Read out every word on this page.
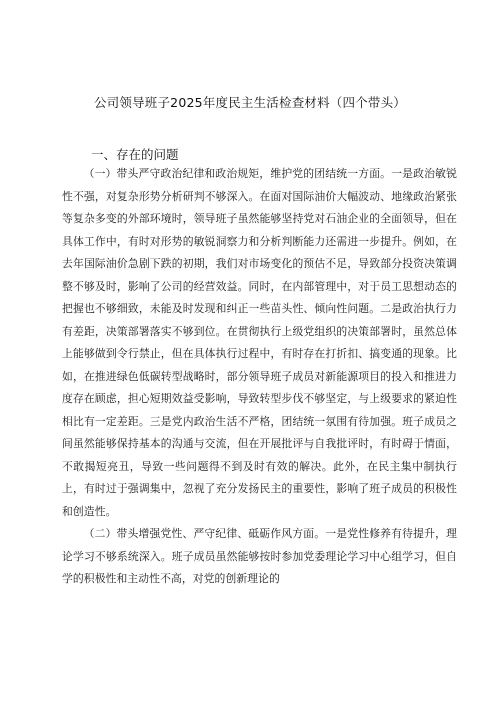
公司领导班子2025年度民主生活检查材料（四个带头）
一、存在的问题

（一）带头严守政治纪律和政治规矩，维护党的团结统一方面。一是政治敏锐性不强，对复杂形势分析研判不够深入。在面对国际油价大幅波动、地缘政治紧张等复杂多变的外部环境时，领导班子虽然能够坚持党对石油企业的全面领导，但在具体工作中，有时对形势的敏锐洞察力和分析判断能力还需进一步提升。例如，在去年国际油价急剧下跌的初期，我们对市场变化的预估不足，导致部分投资决策调整不够及时，影响了公司的经营效益。同时，在内部管理中，对于员工思想动态的把握也不够细致，未能及时发现和纠正一些苗头性、倾向性问题。二是政治执行力有差距，决策部署落实不够到位。在贯彻执行上级党组织的决策部署时，虽然总体上能够做到令行禁止，但在具体执行过程中，有时存在打折扣、搞变通的现象。比如，在推进绿色低碳转型战略时，部分领导班子成员对新能源项目的投入和推进力度存在顾虑，担心短期效益受影响，导致转型步伐不够坚定，与上级要求的紧迫性相比有一定差距。三是党内政治生活不严格，团结统一氛围有待加强。班子成员之间虽然能够保持基本的沟通与交流，但在开展批评与自我批评时，有时碍于情面，不敢揭短亮丑，导致一些问题得不到及时有效的解决。此外，在民主集中制执行上，有时过于强调集中，忽视了充分发扬民主的重要性，影响了班子成员的积极性和创造性。

（二）带头增强党性、严守纪律、砥砺作风方面。一是党性修养有待提升，理论学习不够系统深入。班子成员虽然能够按时参加党委理论学习中心组学习，但自学的积极性和主动性不高，对党的创新理论的
